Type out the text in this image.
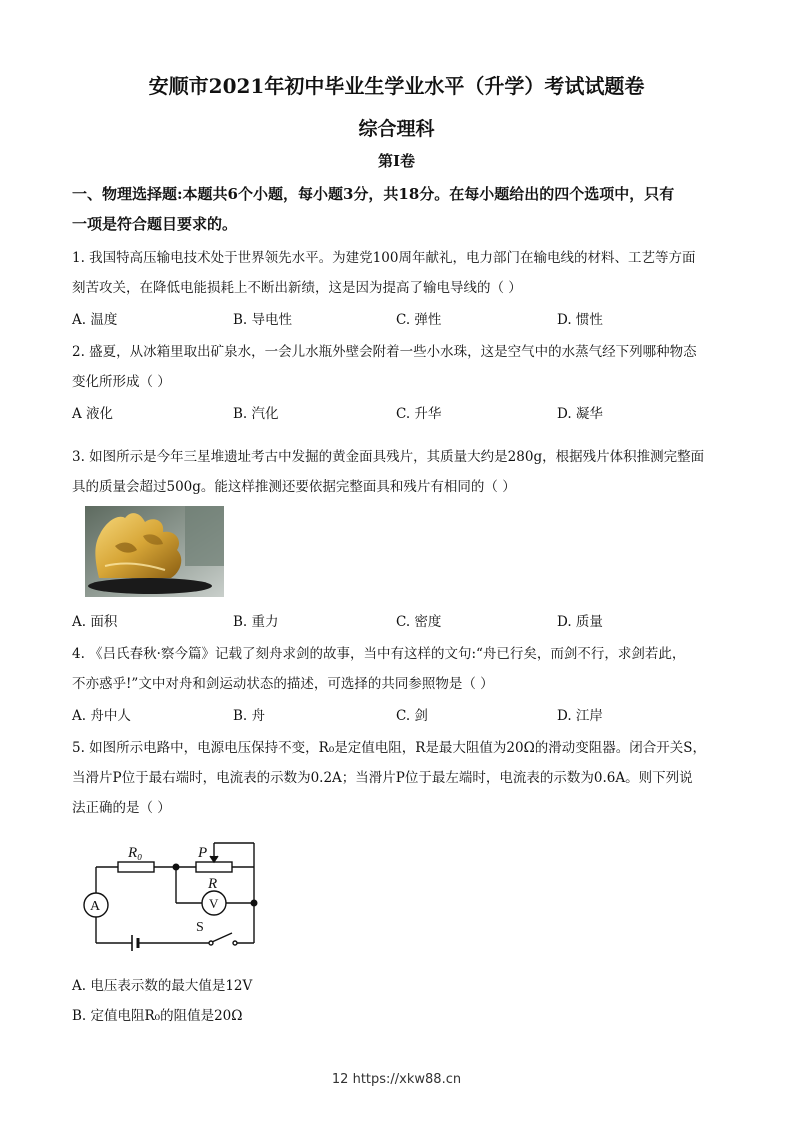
安顺市2021年初中毕业生学业水平（升学）考试试题卷
综合理科
第I卷
一、物理选择题:本题共6个小题，每小题3分，共18分。在每小题给出的四个选项中，只有
一项是符合题目要求的。
1. 我国特高压输电技术处于世界领先水平。为建党100周年献礼，电力部门在输电线的材料、工艺等方面
刻苦攻关，在降低电能损耗上不断出新绩，这是因为提高了输电导线的（ ）
A. 温度	B. 导电性	C. 弹性	D. 惯性
2. 盛夏，从冰箱里取出矿泉水，一会儿水瓶外壁会附着一些小水珠，这是空气中的水蒸气经下列哪种物态
变化所形成（ ）
A 液化	B. 汽化	C. 升华	D. 凝华
3. 如图所示是今年三星堆遗址考古中发掘的黄金面具残片，其质量大约是280g，根据残片体积推测完整面
具的质量会超过500g。能这样推测还要依据完整面具和残片有相同的（ ）
A. 面积	B. 重力	C. 密度	D. 质量
4. 《吕氏春秋·察今篇》记载了刻舟求剑的故事，当中有这样的文句:“舟已行矣，而剑不行，求剑若此，
不亦惑乎!”文中对舟和剑运动状态的描述，可选择的共同参照物是（ ）
A. 舟中人	B. 舟	C. 剑	D. 江岸
5. 如图所示电路中，电源电压保持不变，R₀是定值电阻，R是最大阻值为20Ω的滑动变阻器。闭合开关S，
当滑片P位于最右端时，电流表的示数为0.2A；当滑片P位于最左端时，电流表的示数为0.6A。则下列说
法正确的是（ ）
R₀	P
R
A	V
S
A. 电压表示数的最大值是12V
B. 定值电阻R₀的阻值是20Ω
12 https://xkw88.cn
